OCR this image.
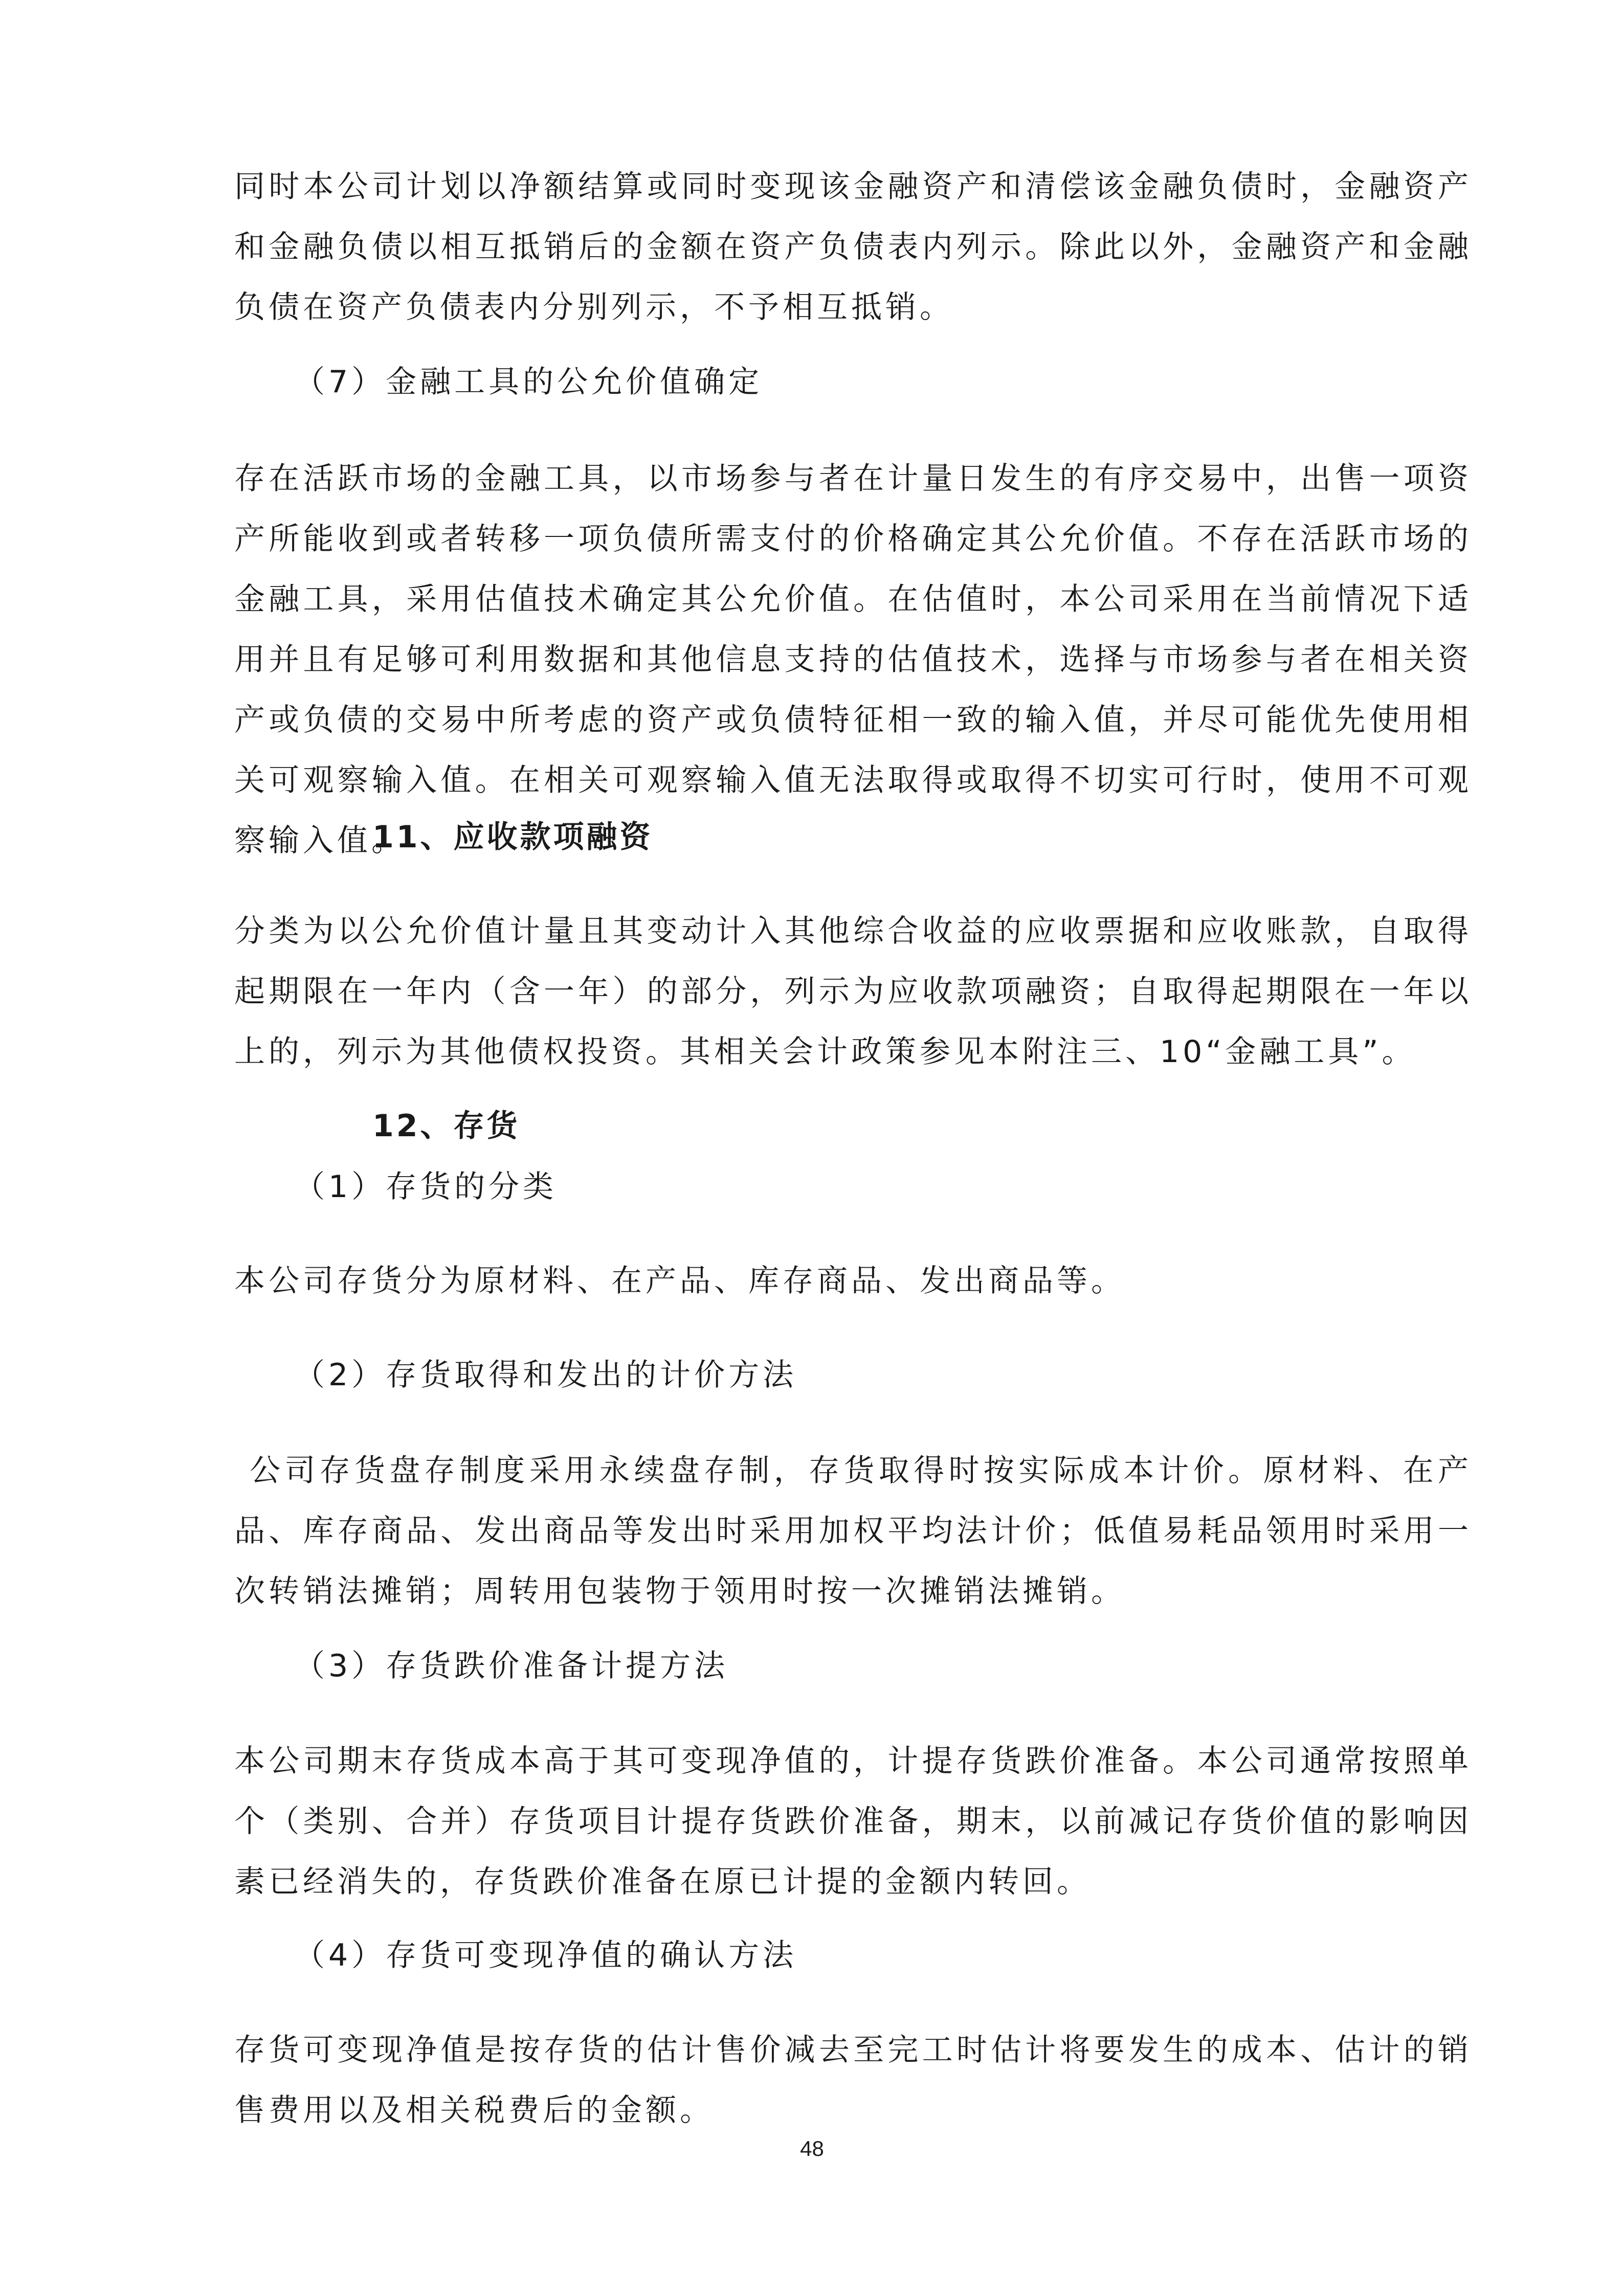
同时本公司计划以净额结算或同时变现该金融资产和清偿该金融负债时，金融资产和金融负债以相互抵销后的金额在资产负债表内列示。除此以外，金融资产和金融负债在资产负债表内分别列示，不予相互抵销。

（7）金融工具的公允价值确定

存在活跃市场的金融工具，以市场参与者在计量日发生的有序交易中，出售一项资产所能收到或者转移一项负债所需支付的价格确定其公允价值。不存在活跃市场的金融工具，采用估值技术确定其公允价值。在估值时，本公司采用在当前情况下适用并且有足够可利用数据和其他信息支持的估值技术，选择与市场参与者在相关资产或负债的交易中所考虑的资产或负债特征相一致的输入值，并尽可能优先使用相关可观察输入值。在相关可观察输入值无法取得或取得不切实可行时，使用不可观察输入值。

11、应收款项融资

分类为以公允价值计量且其变动计入其他综合收益的应收票据和应收账款，自取得起期限在一年内（含一年）的部分，列示为应收款项融资；自取得起期限在一年以上的，列示为其他债权投资。其相关会计政策参见本附注三、10“金融工具”。

12、存货

（1）存货的分类

本公司存货分为原材料、在产品、库存商品、发出商品等。

（2）存货取得和发出的计价方法

公司存货盘存制度采用永续盘存制，存货取得时按实际成本计价。原材料、在产品、库存商品、发出商品等发出时采用加权平均法计价；低值易耗品领用时采用一次转销法摊销；周转用包装物于领用时按一次摊销法摊销。

（3）存货跌价准备计提方法

本公司期末存货成本高于其可变现净值的，计提存货跌价准备。本公司通常按照单个（类别、合并）存货项目计提存货跌价准备，期末，以前减记存货价值的影响因素已经消失的，存货跌价准备在原已计提的金额内转回。

（4）存货可变现净值的确认方法

存货可变现净值是按存货的估计售价减去至完工时估计将要发生的成本、估计的销售费用以及相关税费后的金额。

48
